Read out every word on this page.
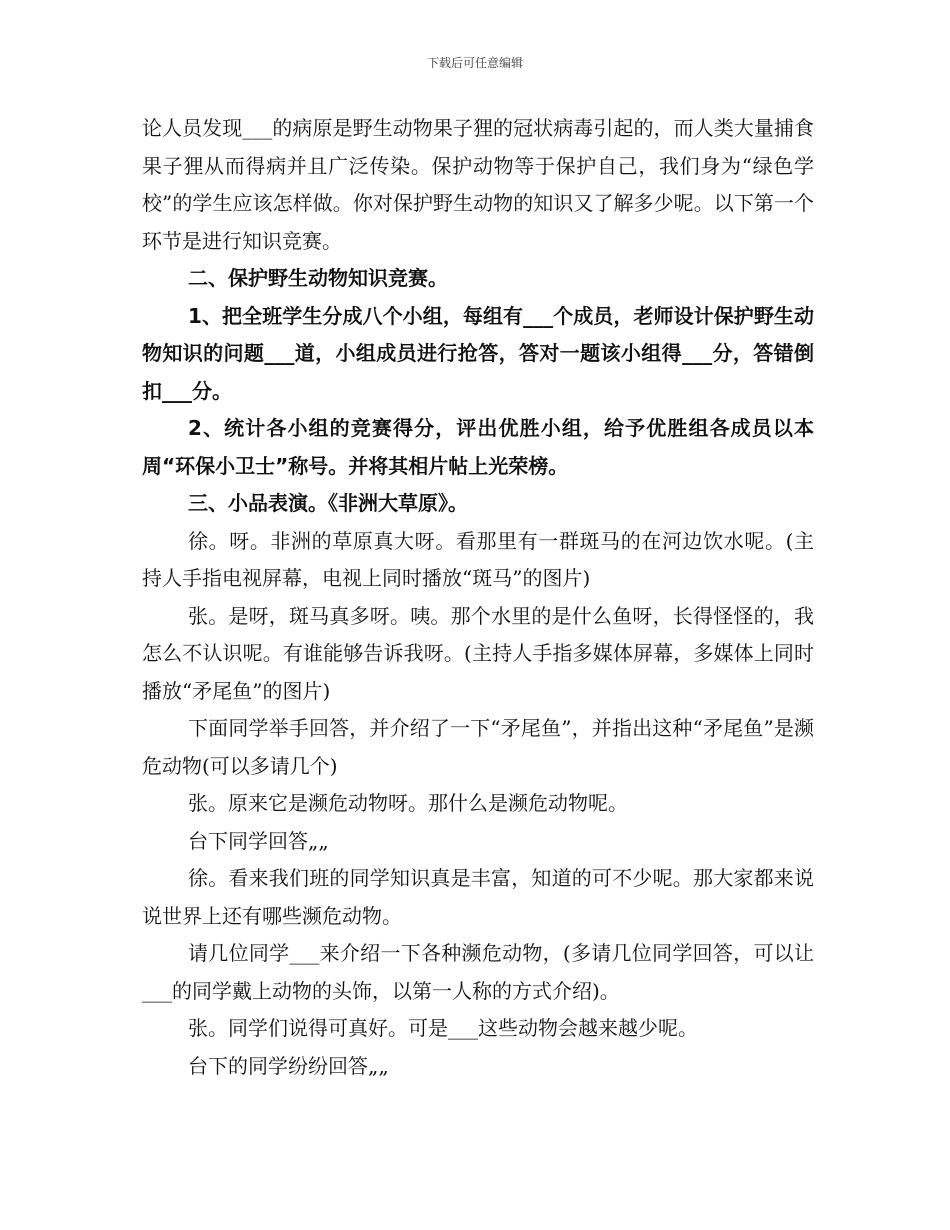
下载后可任意编辑

论人员发现___的病原是野生动物果子狸的冠状病毒引起的，而人类大量捕食果子狸从而得病并且广泛传染。保护动物等于保护自己，我们身为“绿色学校”的学生应该怎样做。你对保护野生动物的知识又了解多少呢。以下第一个环节是进行知识竞赛。

二、保护野生动物知识竞赛。

1、把全班学生分成八个小组，每组有___个成员，老师设计保护野生动物知识的问题___道，小组成员进行抢答，答对一题该小组得___分，答错倒扣___分。

2、统计各小组的竞赛得分，评出优胜小组，给予优胜组各成员以本周“环保小卫士”称号。并将其相片帖上光荣榜。

三、小品表演。《非洲大草原》。

徐。呀。非洲的草原真大呀。看那里有一群斑马的在河边饮水呢。(主持人手指电视屏幕，电视上同时播放“斑马”的图片)

张。是呀，斑马真多呀。咦。那个水里的是什么鱼呀，长得怪怪的，我怎么不认识呢。有谁能够告诉我呀。(主持人手指多媒体屏幕，多媒体上同时播放“矛尾鱼”的图片)

下面同学举手回答，并介绍了一下“矛尾鱼”，并指出这种“矛尾鱼”是濒危动物(可以多请几个)

张。原来它是濒危动物呀。那什么是濒危动物呢。

台下同学回答„„

徐。看来我们班的同学知识真是丰富，知道的可不少呢。那大家都来说说世界上还有哪些濒危动物。

请几位同学___来介绍一下各种濒危动物，(多请几位同学回答，可以让___的同学戴上动物的头饰，以第一人称的方式介绍)。

张。同学们说得可真好。可是___这些动物会越来越少呢。

台下的同学纷纷回答„„
